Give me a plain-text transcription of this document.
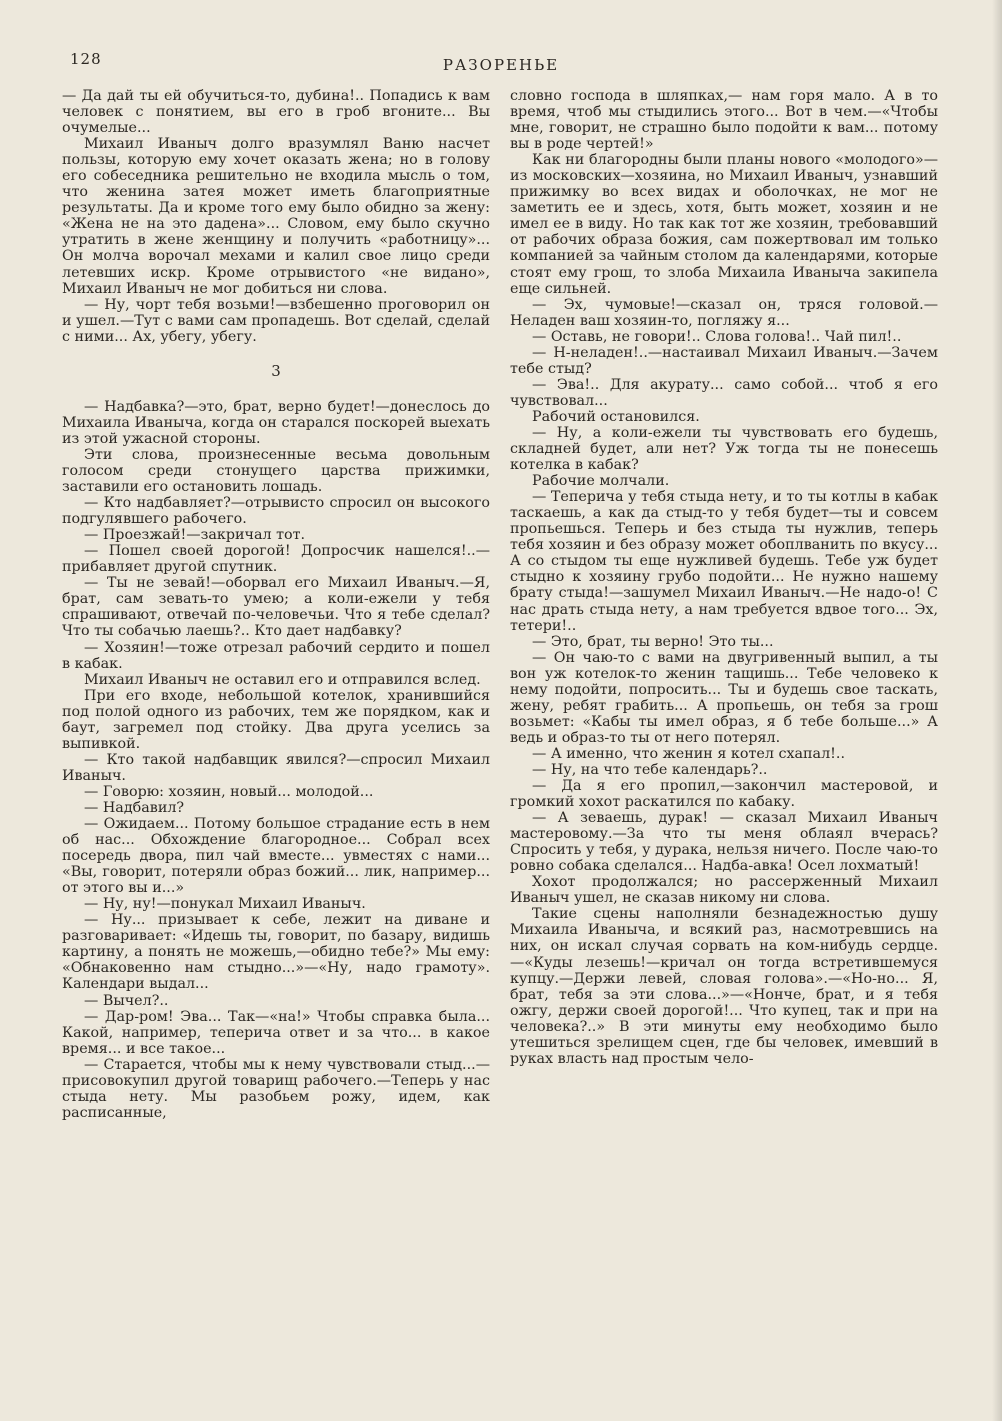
128	РАЗОРЕНЬЕ

— Да дай ты ей обучиться-то, дубина!.. Попадись к вам человек с понятием, вы его в гроб вгоните... Вы очумелые...

Михаил Иваныч долго вразумлял Ваню насчет пользы, которую ему хочет оказать жена; но в голову его собеседника решительно не входила мысль о том, что женина затея может иметь благоприятные результаты. Да и кроме того ему было обидно за жену: «Жена не на это дадена»... Словом, ему было скучно утратить в жене женщину и получить «работницу»... Он молча ворочал мехами и калил свое лицо среди летевших искр. Кроме отрывистого «не видано», Михаил Иваныч не мог добиться ни слова.

— Ну, чорт тебя возьми!—взбешенно проговорил он и ушел.—Тут с вами сам пропадешь. Вот сделай, сделай с ними... Ах, убегу, убегу.

3

— Надбавка?—это, брат, верно будет!—донеслось до Михаила Иваныча, когда он старался поскорей выехать из этой ужасной стороны.

Эти слова, произнесенные весьма довольным голосом среди стонущего царства прижимки, заставили его остановить лошадь.

— Кто надбавляет?—отрывисто спросил он высокого подгулявшего рабочего.

— Проезжай!—закричал тот.

— Пошел своей дорогой! Допросчик нашелся!..—прибавляет другой спутник.

— Ты не зевай!—оборвал его Михаил Иваныч.—Я, брат, сам зевать-то умею; а коли-ежели у тебя спрашивают, отвечай по-человечьи. Что я тебе сделал? Что ты собачью лаешь?.. Кто дает надбавку?

— Хозяин!—тоже отрезал рабочий сердито и пошел в кабак.

Михаил Иваныч не оставил его и отправился вслед.

При его входе, небольшой котелок, хранившийся под полой одного из рабочих, тем же порядком, как и баут, загремел под стойку. Два друга уселись за выпивкой.

— Кто такой надбавщик явился?—спросил Михаил Иваныч.

— Говорю: хозяин, новый... молодой...

— Надбавил?

— Ожидаем... Потому большое страдание есть в нем об нас... Обхождение благородное... Собрал всех посередь двора, пил чай вместе... увместях с нами... «Вы, говорит, потеряли образ божий... лик, например... от этого вы и...»

— Ну, ну!—понукал Михаил Иваныч.

— Ну... призывает к себе, лежит на диване и разговаривает: «Идешь ты, говорит, по базару, видишь картину, а понять не можешь,—обидно тебе?» Мы ему: «Обнаковенно нам стыдно...»—«Ну, надо грамоту». Календари выдал...

— Вычел?..

— Дар-ром! Эва... Так—«на!» Чтобы справка была... Какой, например, теперича ответ и за что... в какое время... и все такое...

— Старается, чтобы мы к нему чувствовали стыд...—присовокупил другой товарищ рабочего.—Теперь у нас стыда нету. Мы разобьем рожу, идем, как расписанные,

словно господа в шляпках,— нам горя мало. А в то время, чтоб мы стыдились этого... Вот в чем.—«Чтобы мне, говорит, не страшно было подойти к вам... потому вы в роде чертей!»

Как ни благородны были планы нового «молодого»—из московских—хозяина, но Михаил Иваныч, узнавший прижимку во всех видах и оболочках, не мог не заметить ее и здесь, хотя, быть может, хозяин и не имел ее в виду. Но так как тот же хозяин, требовавший от рабочих образа божия, сам пожертвовал им только компанией за чайным столом да календарями, которые стоят ему грош, то злоба Михаила Иваныча закипела еще сильней.

— Эх, чумовые!—сказал он, тряся головой.—Неладен ваш хозяин-то, погляжу я...

— Оставь, не говори!.. Слова голова!.. Чай пил!..

— Н-неладен!..—настаивал Михаил Иваныч.—Зачем тебе стыд?

— Эва!.. Для акурату... само собой... чтоб я его чувствовал...

Рабочий остановился.

— Ну, а коли-ежели ты чувствовать его будешь, складней будет, али нет? Уж тогда ты не понесешь котелка в кабак?

Рабочие молчали.

— Теперича у тебя стыда нету, и то ты котлы в кабак таскаешь, а как да стыд-то у тебя будет—ты и совсем пропьешься. Теперь и без стыда ты нужлив, теперь тебя хозяин и без образу может обоплванить по вкусу... А со стыдом ты еще нужливей будешь. Тебе уж будет стыдно к хозяину грубо подойти... Не нужно нашему брату стыда!—зашумел Михаил Иваныч.—Не надо-о! С нас драть стыда нету, а нам требуется вдвое того... Эх, тетери!..

— Это, брат, ты верно! Это ты...

— Он чаю-то с вами на двугривенный выпил, а ты вон уж котелок-то женин тащишь... Тебе человеко к нему подойти, попросить... Ты и будешь свое таскать, жену, ребят грабить... А пропьешь, он тебя за грош возьмет: «Кабы ты имел образ, я б тебе больше...» А ведь и образ-то ты от него потерял.

— А именно, что женин я котел схапал!..

— Ну, на что тебе календарь?..

— Да я его пропил,—закончил мастеровой, и громкий хохот раскатился по кабаку.

— А зеваешь, дурак! — сказал Михаил Иваныч мастеровому.—За что ты меня облаял вчерась? Спросить у тебя, у дурака, нельзя ничего. После чаю-то ровно собака сделался... Надба-авка! Осел лохматый!

Хохот продолжался; но рассерженный Михаил Иваныч ушел, не сказав никому ни слова.

Такие сцены наполняли безнадежностью душу Михаила Иваныча, и всякий раз, насмотревшись на них, он искал случая сорвать на ком-нибудь сердце.—«Куды лезешь!—кричал он тогда встретившемуся купцу.—Держи левей, словая голова».—«Но-но... Я, брат, тебя за эти слова...»—«Нонче, брат, и я тебя ожгу, держи своей дорогой!... Что купец, так и при на человека?..» В эти минуты ему необходимо было утешиться зрелищем сцен, где бы человек, имевший в руках власть над простым чело-
